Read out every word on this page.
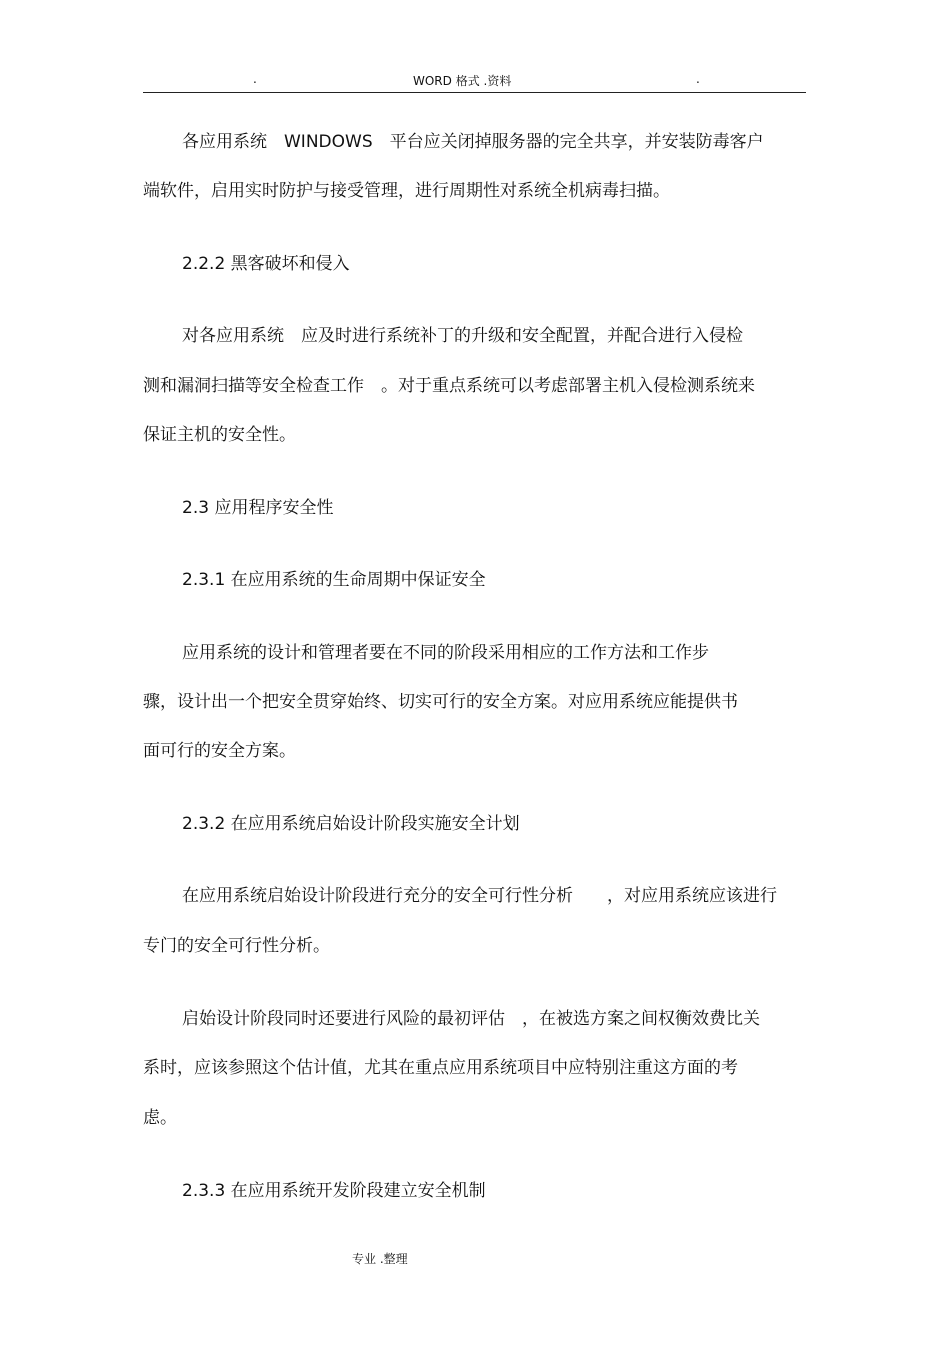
.	WORD 格式 .资料	.
各应用系统　WINDOWS　平台应关闭掉服务器的完全共享，并安装防毒客户
端软件，启用实时防护与接受管理，进行周期性对系统全机病毒扫描。
2.2.2 黑客破坏和侵入
对各应用系统　应及时进行系统补丁的升级和安全配置，并配合进行入侵检
测和漏洞扫描等安全检查工作　。对于重点系统可以考虑部署主机入侵检测系统来
保证主机的安全性。
2.3 应用程序安全性
2.3.1 在应用系统的生命周期中保证安全
应用系统的设计和管理者要在不同的阶段采用相应的工作方法和工作步
骤，设计出一个把安全贯穿始终、切实可行的安全方案。对应用系统应能提供书
面可行的安全方案。
2.3.2 在应用系统启始设计阶段实施安全计划
在应用系统启始设计阶段进行充分的安全可行性分析　　，对应用系统应该进行
专门的安全可行性分析。
启始设计阶段同时还要进行风险的最初评估　，在被选方案之间权衡效费比关
系时，应该参照这个估计值，尤其在重点应用系统项目中应特别注重这方面的考
虑。
2.3.3 在应用系统开发阶段建立安全机制
专业 .整理
